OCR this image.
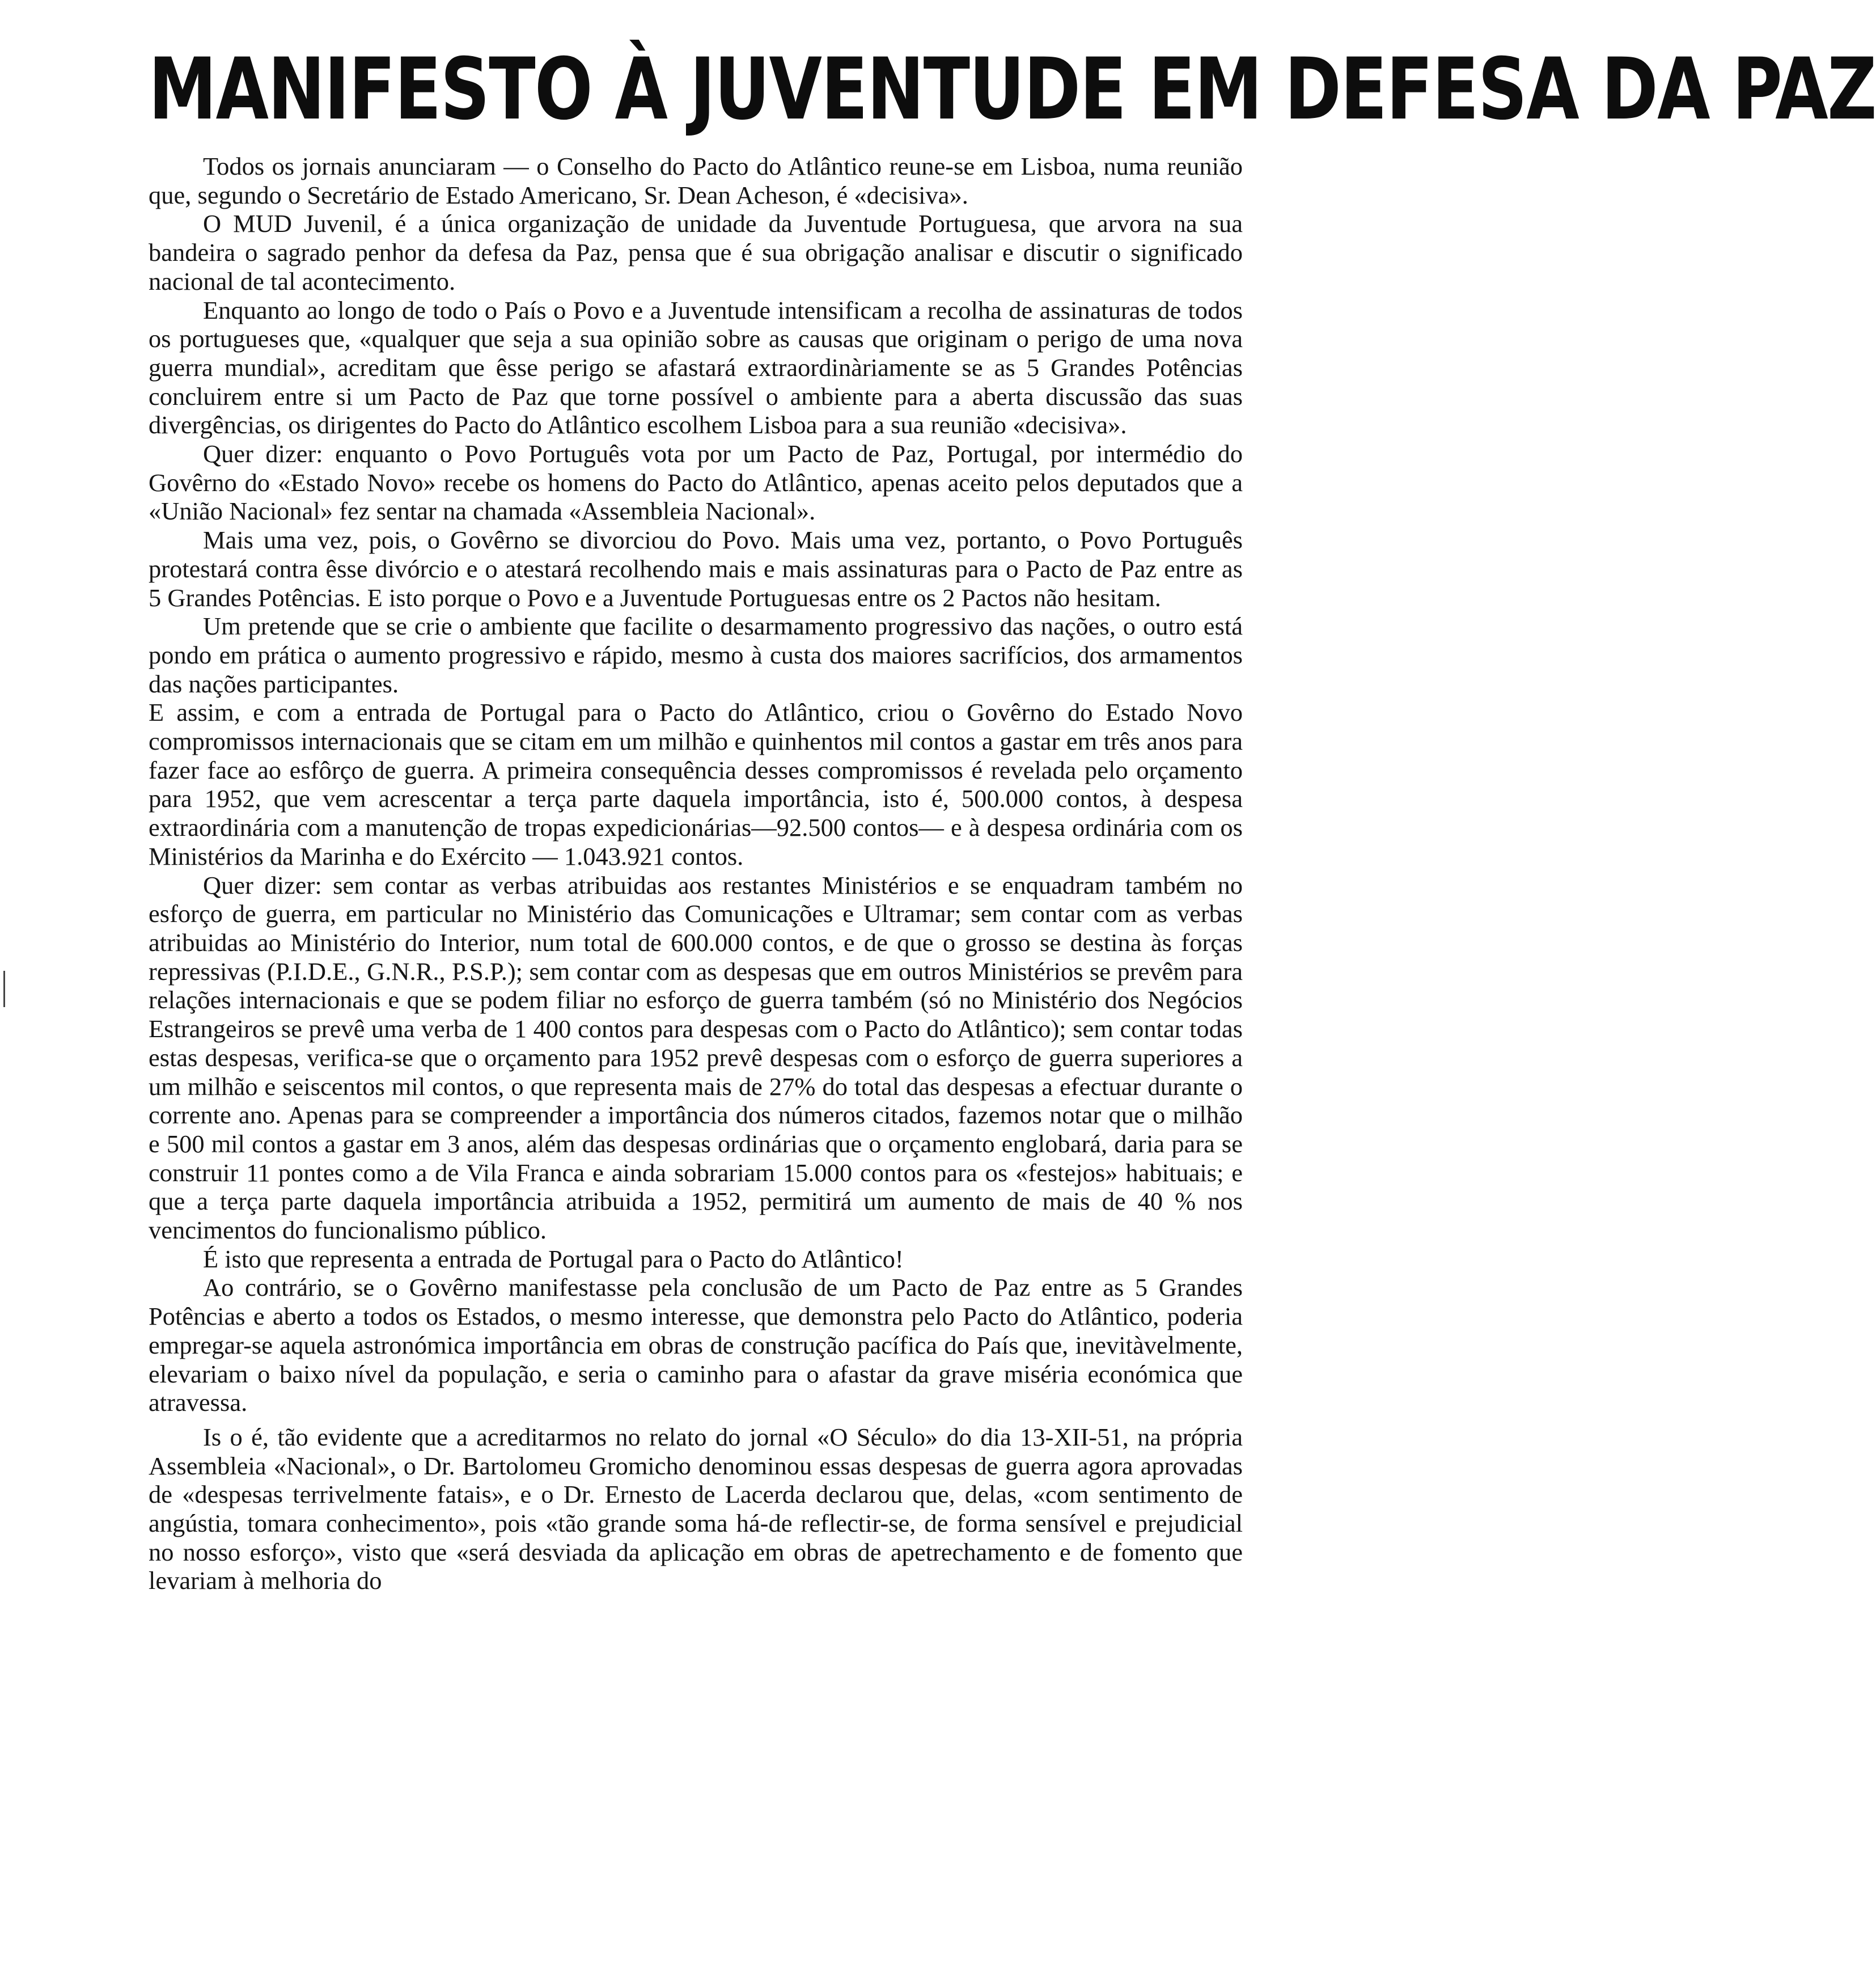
MANIFESTO À JUVENTUDE EM DEFESA DA PAZ

Todos os jornais anunciaram — o Conselho do Pacto do Atlântico reune-se em Lisboa, numa reunião que, segundo o Secretário de Estado Americano, Sr. Dean Acheson, é «decisiva».

O MUD Juvenil, é a única organização de unidade da Juventude Portuguesa, que arvora na sua bandeira o sagrado penhor da defesa da Paz, pensa que é sua obrigação analisar e discutir o significado nacional de tal acontecimento.

Enquanto ao longo de todo o País o Povo e a Juventude intensificam a recolha de assinaturas de todos os portugueses que, «qualquer que seja a sua opinião sobre as causas que originam o perigo de uma nova guerra mundial», acreditam que êsse perigo se afastará extraordinàriamente se as 5 Grandes Potências concluirem entre si um Pacto de Paz que torne possível o ambiente para a aberta discussão das suas divergências, os dirigentes do Pacto do Atlântico escolhem Lisboa para a sua reunião «decisiva».

Quer dizer: enquanto o Povo Português vota por um Pacto de Paz, Portugal, por intermédio do Govêrno do «Estado Novo» recebe os homens do Pacto do Atlântico, apenas aceito pelos deputados que a «União Nacional» fez sentar na chamada «Assembleia Nacional».

Mais uma vez, pois, o Govêrno se divorciou do Povo. Mais uma vez, portanto, o Povo Português protestará contra êsse divórcio e o atestará recolhendo mais e mais assinaturas para o Pacto de Paz entre as 5 Grandes Potências. E isto porque o Povo e a Juventude Portuguesas entre os 2 Pactos não hesitam.

Um pretende que se crie o ambiente que facilite o desarmamento progressivo das nações, o outro está pondo em prática o aumento progressivo e rápido, mesmo à custa dos maiores sacrifícios, dos armamentos das nações participantes.

E assim, e com a entrada de Portugal para o Pacto do Atlântico, criou o Govêrno do Estado Novo compromissos internacionais que se citam em um milhão e quinhentos mil contos a gastar em três anos para fazer face ao esfôrço de guerra. A primeira consequência desses compromissos é revelada pelo orçamento para 1952, que vem acrescentar a terça parte daquela importância, isto é, 500.000 contos, à despesa extraordinária com a manutenção de tropas expedicionárias—92.500 contos— e à despesa ordinária com os Ministérios da Marinha e do Exército — 1.043.921 contos.

Quer dizer: sem contar as verbas atribuidas aos restantes Ministérios e se enquadram também no esforço de guerra, em particular no Ministério das Comunicações e Ultramar; sem contar com as verbas atribuidas ao Ministério do Interior, num total de 600.000 contos, e de que o grosso se destina às forças repressivas (P.I.D.E., G.N.R., P.S.P.); sem contar com as despesas que em outros Ministérios se prevêm para relações internacionais e que se podem filiar no esforço de guerra também (só no Ministério dos Negócios Estrangeiros se prevê uma verba de 1 400 contos para despesas com o Pacto do Atlântico); sem contar todas estas despesas, verifica-se que o orçamento para 1952 prevê despesas com o esforço de guerra superiores a um milhão e seiscentos mil contos, o que representa mais de 27% do total das despesas a efectuar durante o corrente ano. Apenas para se compreender a importância dos números citados, fazemos notar que o milhão e 500 mil contos a gastar em 3 anos, além das despesas ordinárias que o orçamento englobará, daria para se construir 11 pontes como a de Vila Franca e ainda sobrariam 15.000 contos para os «festejos» habituais; e que a terça parte daquela importância atribuida a 1952, permitirá um aumento de mais de 40 % nos vencimentos do funcionalismo público.

É isto que representa a entrada de Portugal para o Pacto do Atlântico!

Ao contrário, se o Govêrno manifestasse pela conclusão de um Pacto de Paz entre as 5 Grandes Potências e aberto a todos os Estados, o mesmo interesse, que demonstra pelo Pacto do Atlântico, poderia empregar-se aquela astronómica importância em obras de construção pacífica do País que, inevitàvelmente, elevariam o baixo nível da população, e seria o caminho para o afastar da grave miséria económica que atravessa.

Is o é, tão evidente que a acreditarmos no relato do jornal «O Século» do dia 13-XII-51, na própria Assembleia «Nacional», o Dr. Bartolomeu Gromicho denominou essas despesas de guerra agora aprovadas de «despesas terrivelmente fatais», e o Dr. Ernesto de Lacerda declarou que, delas, «com sentimento de angústia, tomara conhecimento», pois «tão grande soma há-de reflectir-se, de forma sensível e prejudicial no nosso esforço», visto que «será desviada da aplicação em obras de apetrechamento e de fomento que levariam à melhoria do
